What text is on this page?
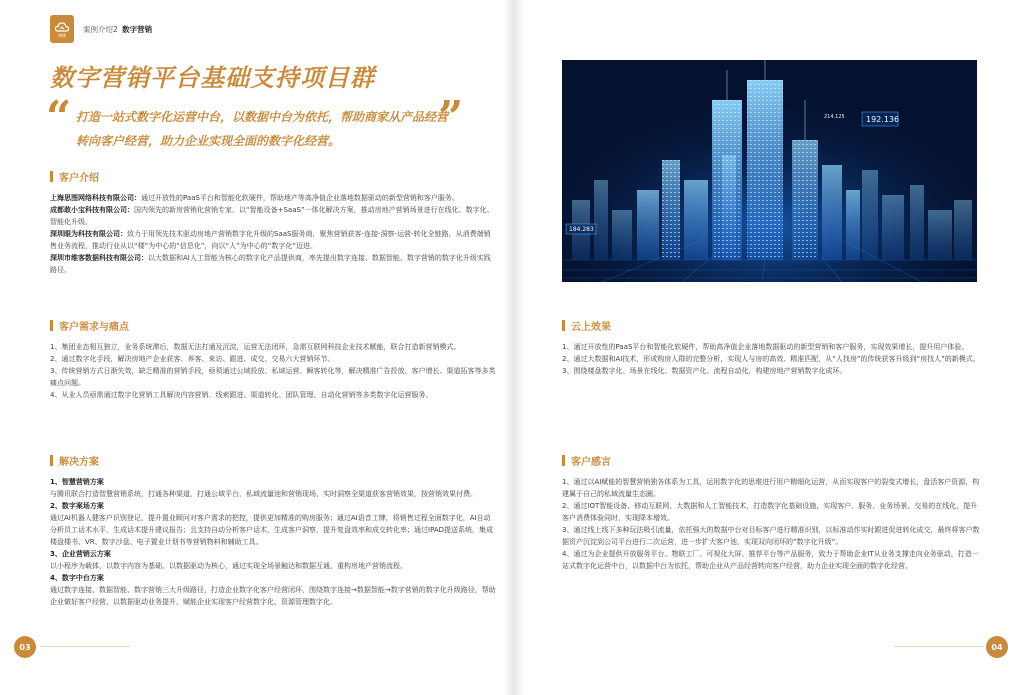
博澳
案例介绍2 数字营销
数字营销平台基础支持项目群
“ 打造一站式数字化运营中台，以数据中台为依托，帮助商家从产品经营
”
转向客户经营，助力企业实现全面的数字化经营。
客户介绍

上海思图网络科技有限公司：通过开放性的PaaS平台和智能化软硬件，帮助地产等高净值企业落地数据驱动的新型营销和客户服务。

成都敢小宝科技有限公司：国内领先的新房营销化营销专家，以“智能设备+SaaS”一体化解决方案，推动房地产营销场景进行在线化、数字化、智能化升级。

深圳眼为科技有限公司：致力于用领先技术驱动房地产营销数字化升级的SaaS服务商，聚焦营销获客-连接-洞察-运营-转化全链路，从消费端销售业务流程，推动行业从以“楼”为中心的“信息化”，向以“人”为中心的“数字化”迈进。

深圳市维客数据科技有限公司：以大数据和AI人工智能为核心的数字化产品提供商，率先提出数字连接、数据智能、数字营销的数字化升级实践路径。

客户需求与痛点

1、集团业态相互独立，业务系统滞后，数据无法打通及沉淀，运营无法闭环，急需互联网科技企业技术赋能，联合打造新营销模式。

2、通过数字化手段，解决房地产企业获客、养客、来访、跟进、成交、交易六大营销环节。

3、传统营销方式日渐失效，缺乏精准的营销手段，亟须通过公域投放、私域运营、瞬客转化等，解决精准广告投放、客户增长、渠道拓客等多类痛点问题。

4、从业人员亟需通过数字化营销工具解决内容营销、线索跟进、渠道转化、团队管理、自动化营销等多类数字化运营服务。

解决方案

1、智慧营销方案

与腾讯联合打造智慧营销系统，打通各种渠道，打通公域平台，私域流量池和营销现场，实时洞察全渠道获客营销效果，按营销效果付费。

2、数字案场方案

通过AI机器人健客户识别登记，提升置业顾问对客户需求的把控，提供更加精准的购房服务；通过AI语音工牌，将销售过程全面数字化，AI自动分析员工话术水平，生成话术提升建议报告；且支持自动分析客户话术，生成客户洞察，提升复盘效率和成交转化率；通过IPAD提送系统，集成楼盘楼书、VR、数字沙盘、电子置业计划书等营销物料和辅助工具。

3、企业营销云方案

以小程序为载体，以数字内容为基础，以数据驱动为核心，通过实现全场景触达和数据互通，重构房地产营销流程。

4、数字中台方案

通过数字连接、数据智能、数字营销三大升级路径，打造企业数字化客户经营闭环，围绕数字连接→数据智能→数字营销的数字化升级路径，帮助企业做好客户经营，以数据驱动业务提升，赋能企业实现客户经营数字化，资源管理数字化。

192.136
214.125
184.283
云上效果

1、通过开放性的PaaS平台和智能化软硬件，帮助高净值企业落地数据驱动的新型营销和客户服务，实现效果增长，提升用户体验。

2、通过大数据和AI技术，形成购房人群的完整分析，实现人与房的高效、精准匹配，从“人找房”的传统获客升级到“房找人”的新模式。

3、围绕楼盘数字化、场景在线化、数据资产化、流程自动化，构建房地产营销数字化成环。

客户感言

1、通过以AI赋能的智慧营销独各体系为工具，运用数字化的思维进行用户精细化运营，从而实现客户的裂变式增长，盘活客户资源，构建属于自己的私域流量生态圈。

2、通过IOT智能设备、移动互联网、大数据和人工智能技术，打造数字化基础设施，实现客户、服务、业务场景、交易的在线化，提升客户消费体验同时，实现降本增效。

3、通过线上线下多种玩法吸引流量，依托强大的数据中台对目标客户进行精准识别，以标准动作实时跟进促进转化成交，最终将客户数据资产沉淀到公司平台进行二次运营，进一步扩大客户池，实现双向闭环的“数字化升级”。

4、通过为企业提供开放服务平台、物联工厂、可视化大屏、推荐平台等产品服务，致力于帮助企业IT从业务支撑走向业务驱动，打造一站式数字化运营中台，以数据中台为依托，帮助企业从产品经营转向客户经营，助力企业实现全面的数字化经营。

03	04
